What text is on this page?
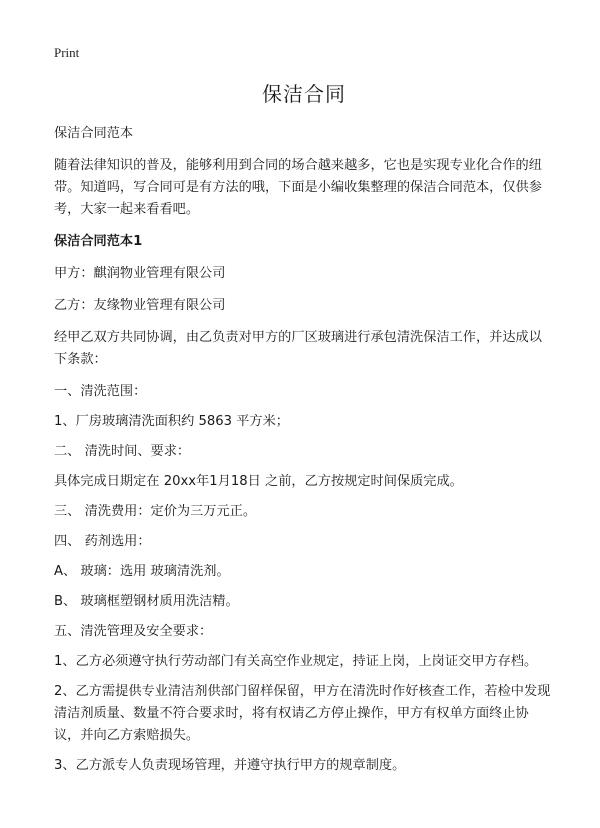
Print
保洁合同
保洁合同范本
随着法律知识的普及，能够利用到合同的场合越来越多，它也是实现专业化合作的纽带。知道吗，写合同可是有方法的哦，下面是小编收集整理的保洁合同范本，仅供参考，大家一起来看看吧。
保洁合同范本1
甲方：麒润物业管理有限公司
乙方：友缘物业管理有限公司
经甲乙双方共同协调，由乙负责对甲方的厂区玻璃进行承包清洗保洁工作，并达成以下条款：
一、清洗范围：
1、厂房玻璃清洗面积约 5863 平方米；
二、 清洗时间、要求：
具体完成日期定在 20xx年1月18日 之前，乙方按规定时间保质完成。
三、 清洗费用：定价为三万元正。
四、 药剂选用：
A、 玻璃：选用 玻璃清洗剂。
B、 玻璃框塑钢材质用洗洁精。
五、清洗管理及安全要求：
1、乙方必须遵守执行劳动部门有关高空作业规定，持证上岗，上岗证交甲方存档。
2、乙方需提供专业清洁剂供部门留样保留，甲方在清洗时作好核查工作，若检中发现清洁剂质量、数量不符合要求时，将有权请乙方停止操作，甲方有权单方面终止协议，并向乙方索赔损失。
3、乙方派专人负责现场管理，并遵守执行甲方的规章制度。
